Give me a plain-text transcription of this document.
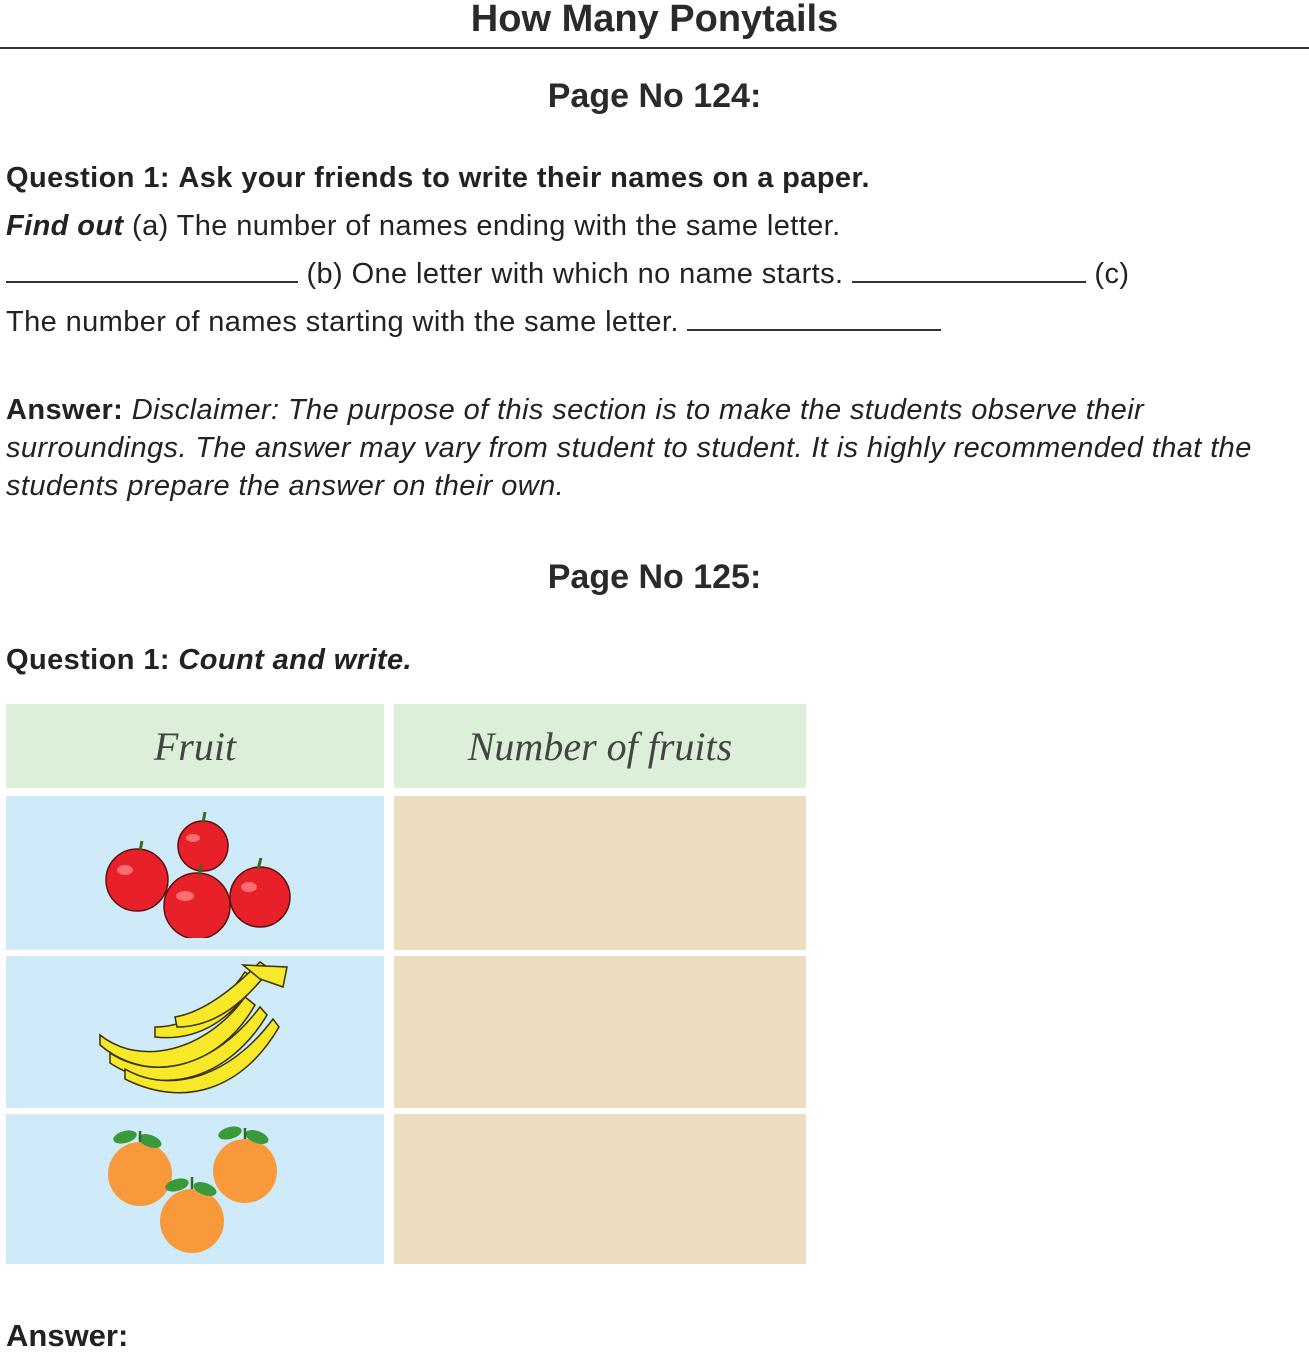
How Many Ponytails
Page No 124:
Question 1: Ask your friends to write their names on a paper.
Find out (a) The number of names ending with the same letter.
(b) One letter with which no name starts.	(c)
The number of names starting with the same letter.
Answer: Disclaimer: The purpose of this section is to make the students observe their surroundings. The answer may vary from student to student. It is highly recommended that the students prepare the answer on their own.
Page No 125:
Question 1: Count and write.
Fruit	Number of fruits
Answer:
